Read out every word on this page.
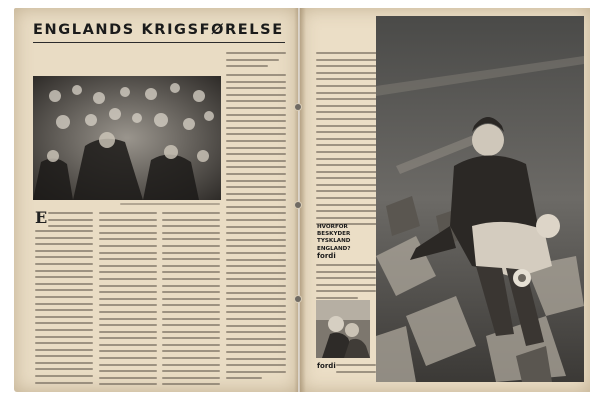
ENGLANDS KRIGSFØRELSE
E	HVORFOR BESKYDER
TYSKLAND
ENGLAND?
fordi
fordi
